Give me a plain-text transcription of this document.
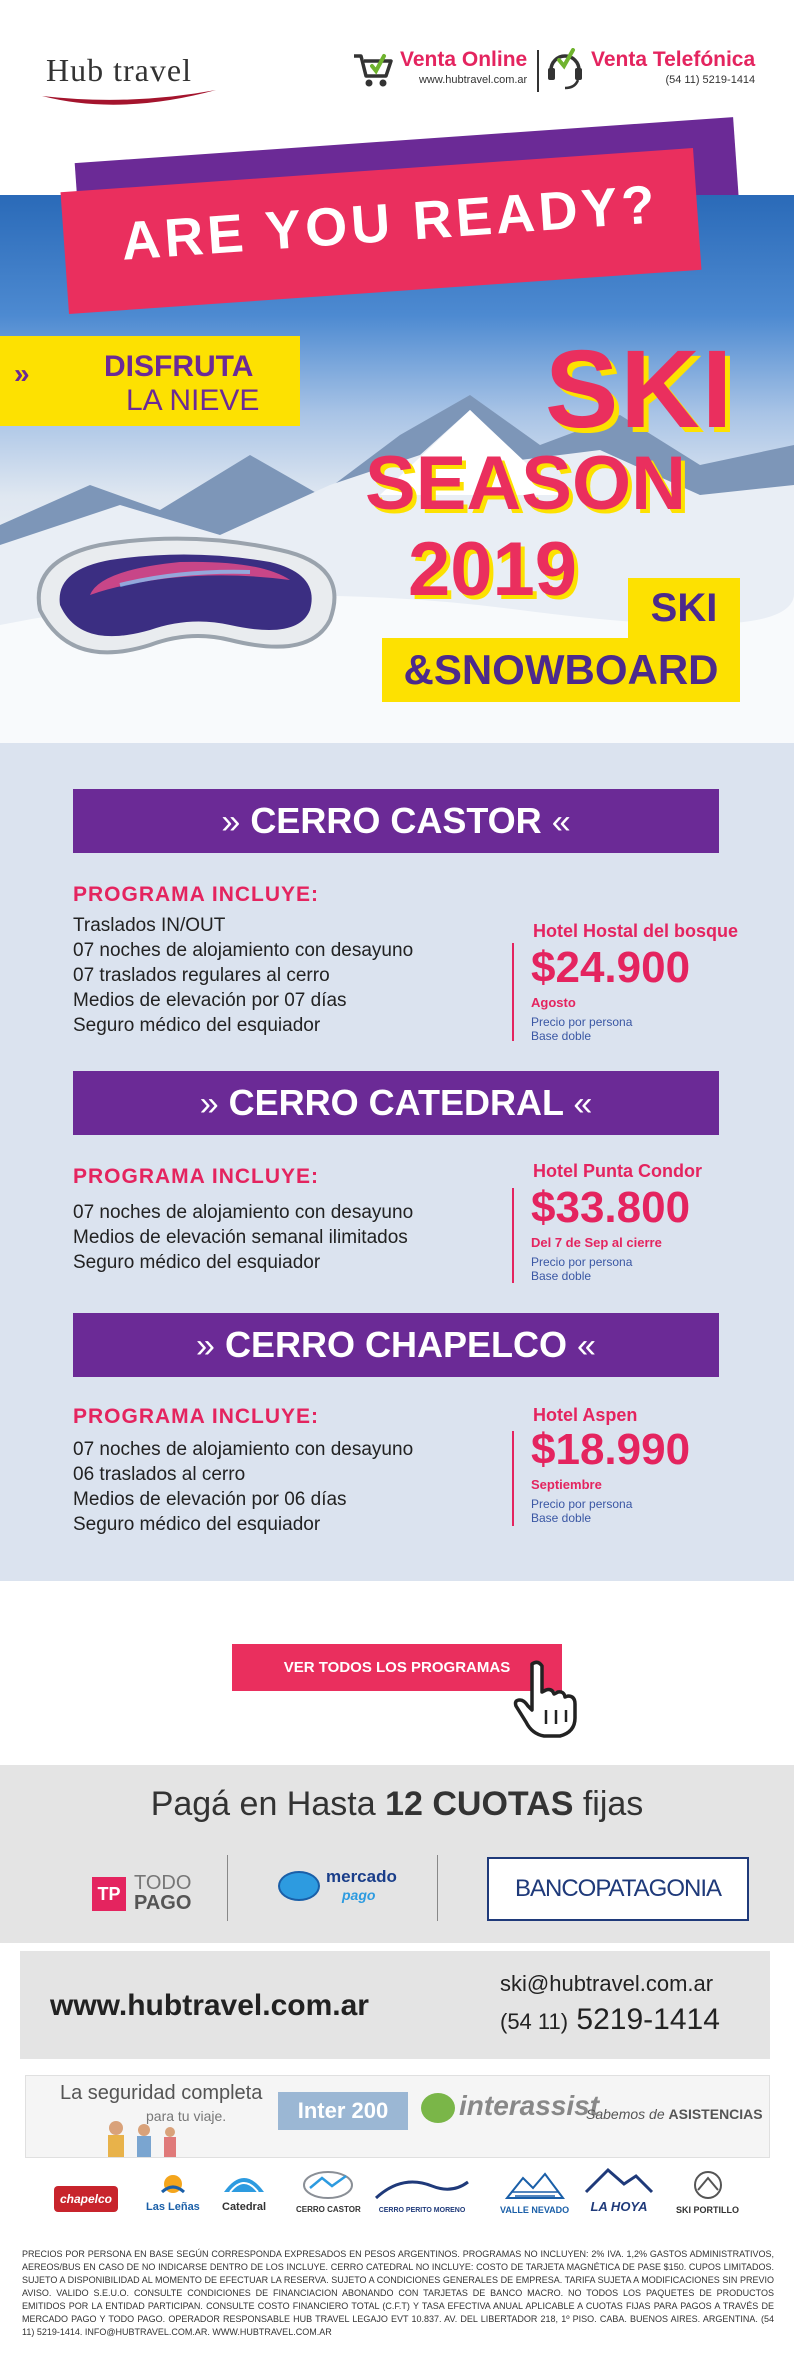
Hub travel	Venta Online
www.hubtravel.com.ar
Venta Telefónica
(54 11) 5219-1414
ARE YOU READY?
» DISFRUTA
LA NIEVE	SKI
SEASON
2019	SKI
&SNOWBOARD
» CERRO CASTOR «
PROGRAMA INCLUYE:
Traslados IN/OUT
07 noches de alojamiento con desayuno
07 traslados regulares al cerro
Medios de elevación por 07 días
Seguro médico del esquiador
Hotel Hostal del bosque
$24.900
Agosto
Precio por persona
Base doble
» CERRO CATEDRAL «
PROGRAMA INCLUYE:
07 noches de alojamiento con desayuno
Medios de elevación semanal ilimitados
Seguro médico del esquiador
Hotel Punta Condor
$33.800
Del 7 de Sep al cierre
Precio por persona
Base doble
» CERRO CHAPELCO «
PROGRAMA INCLUYE:
07 noches de alojamiento con desayuno
06 traslados al cerro
Medios de elevación por 06 días
Seguro médico del esquiador
Hotel Aspen
$18.990
Septiembre
Precio por persona
Base doble
VER TODOS LOS PROGRAMAS
Pagá en Hasta 12 CUOTAS fijas
TP TODO
PAGO
mercado
pago	BANCOPATAGONIA
www.hubtravel.com.ar
ski@hubtravel.com.ar
(54 11) 5219-1414
La seguridad completa
para tu viaje.	Inter 200	interassist
Sabemos de ASISTENCIAS
chapelco
Las Leñas Catedral	CERRO CASTOR	CERRO PERITO MORENO	VALLE NEVADO	LA HOYA	SKI PORTILLO
PRECIOS POR PERSONA EN BASE SEGÚN CORRESPONDA EXPRESADOS EN PESOS ARGENTINOS. PROGRAMAS NO INCLUYEN: 2% IVA. 1,2% GASTOS ADMINISTRATIVOS, AEREOS/BUS EN CASO DE NO INDICARSE DENTRO DE LOS INCLUYE. CERRO CATEDRAL NO INCLUYE: COSTO DE TARJETA MAGNÉTICA DE PASE $150. CUPOS LIMITADOS. SUJETO A DISPONIBILIDAD AL MOMENTO DE EFECTUAR LA RESERVA. SUJETO A CONDICIONES GENERALES DE EMPRESA. TARIFA SUJETA A MODIFICACIONES SIN PREVIO AVISO. VALIDO S.E.U.O. CONSULTE CONDICIONES DE FINANCIACION ABONANDO CON TARJETAS DE BANCO MACRO. NO TODOS LOS PAQUETES DE PRODUCTOS EMITIDOS POR LA ENTIDAD PARTICIPAN. CONSULTE COSTO FINANCIERO TOTAL (C.F.T) Y TASA EFECTIVA ANUAL APLICABLE A CUOTAS FIJAS PARA PAGOS A TRAVÉS DE MERCADO PAGO Y TODO PAGO. OPERADOR RESPONSABLE HUB TRAVEL LEGAJO EVT 10.837. AV. DEL LIBERTADOR 218, 1º PISO. CABA. BUENOS AIRES. ARGENTINA. (54 11) 5219-1414. INFO@HUBTRAVEL.COM.AR. WWW.HUBTRAVEL.COM.AR
